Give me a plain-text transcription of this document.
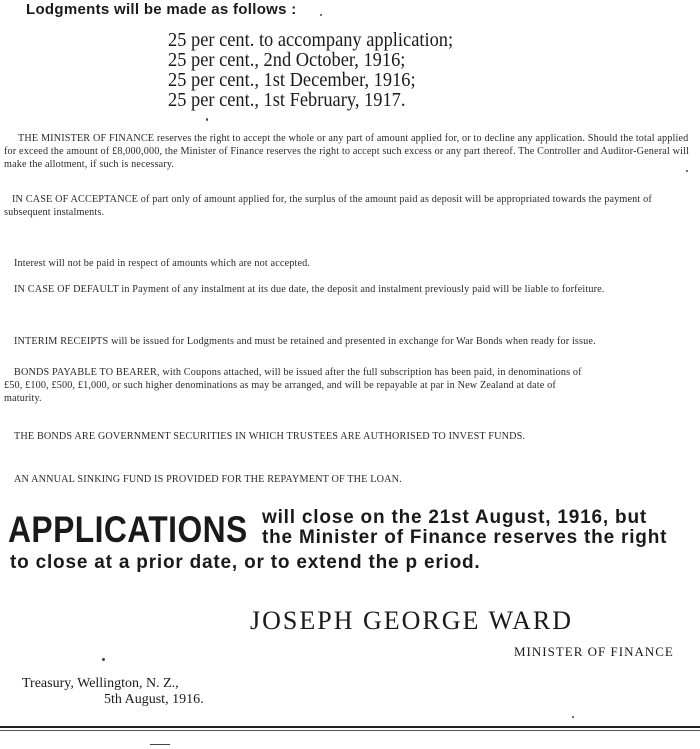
Lodgments will be made as follows :
25 per cent. to accompany application;
25 per cent., 2nd October, 1916;
25 per cent., 1st December, 1916;
25 per cent., 1st February, 1917.
THE MINISTER OF FINANCE reserves the right to accept the whole or any part of amount applied for, or to decline any application. Should the total applied for exceed the amount of £8,000,000, the Minister of Finance reserves the right to accept such excess or any part thereof. The Controller and Auditor-General will make the allotment, if such is necessary.
IN CASE OF ACCEPTANCE of part only of amount applied for, the surplus of the amount paid as deposit will be appropriated towards the payment of subsequent instalments.
Interest will not be paid in respect of amounts which are not accepted.
IN CASE OF DEFAULT in Payment of any instalment at its due date, the deposit and instalment previously paid will be liable to forfeiture.
INTERIM RECEIPTS will be issued for Lodgments and must be retained and presented in exchange for War Bonds when ready for issue.
BONDS PAYABLE TO BEARER, with Coupons attached, will be issued after the full subscription has been paid, in denominations of
£50, £100, £500, £1,000, or such higher denominations as may be arranged, and will be repayable at par in New Zealand at date of
maturity.
THE BONDS ARE GOVERNMENT SECURITIES IN WHICH TRUSTEES ARE AUTHORISED TO INVEST FUNDS.
AN ANNUAL SINKING FUND IS PROVIDED FOR THE REPAYMENT OF THE LOAN.
APPLICATIONS will close on the 21st August, 1916, but
the Minister of Finance reserves the right
to close at a prior date, or to extend the p eriod.
JOSEPH GEORGE WARD
MINISTER OF FINANCE
Treasury, Wellington, N. Z.,
5th August, 1916.
